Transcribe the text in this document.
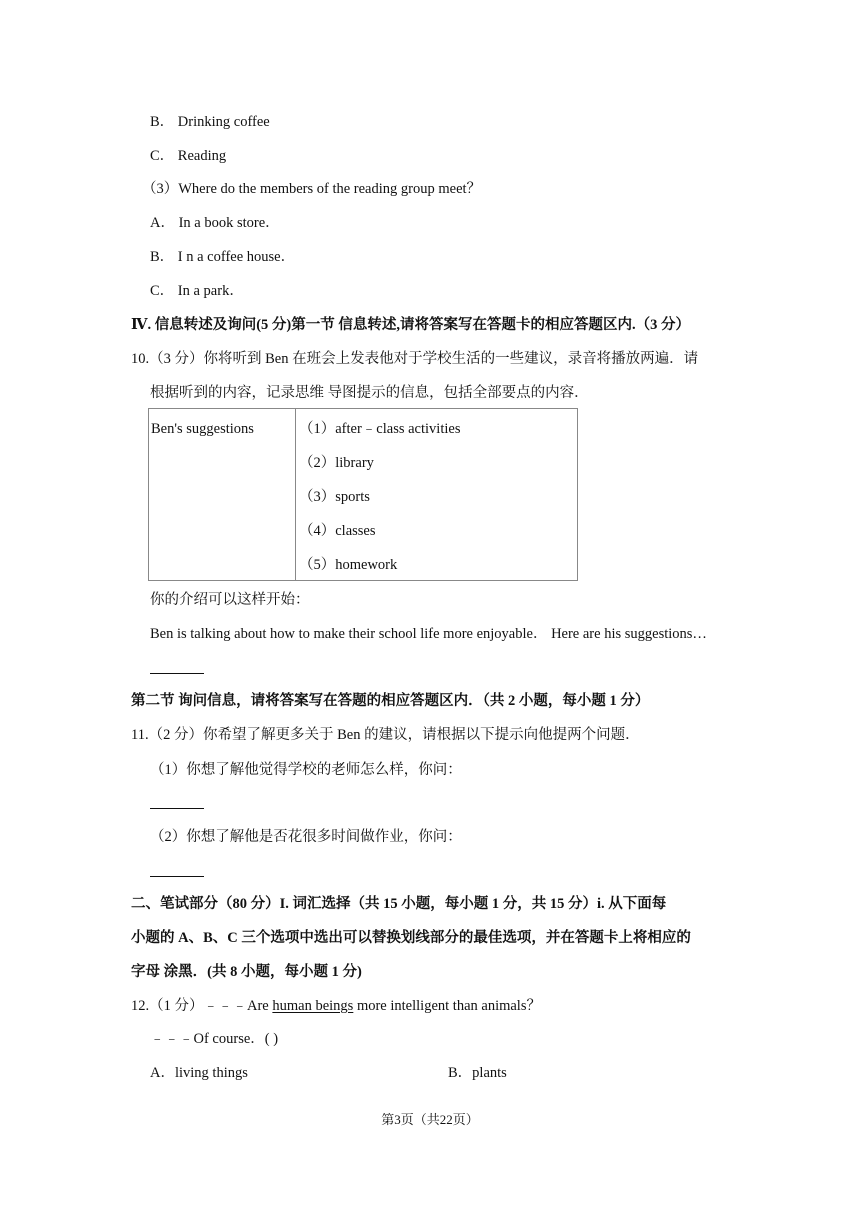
B． Drinking coffee
C． Reading
（3）Where do the members of the reading group meet？
A． In a book store．
B． I n a coffee house．
C． In a park．
Ⅳ. 信息转述及询问(5 分)第一节 信息转述,请将答案写在答题卡的相应答题区内.（3 分）
10.（3 分）你将听到 Ben 在班会上发表他对于学校生活的一些建议，录音将播放两遍．请
根据听到的内容，记录思维 导图提示的信息，包括全部要点的内容．
Ben's suggestions	（1）after﹣class activities
（2）library
（3）sports
（4）classes
（5）homework
你的介绍可以这样开始：
Ben is talking about how to make their school life more enjoyable． Here are his suggestions…
第二节 询问信息，请将答案写在答题的相应答题区内．（共 2 小题，每小题 1 分）
11.（2 分）你希望了解更多关于 Ben 的建议，请根据以下提示向他提两个问题．
（1）你想了解他觉得学校的老师怎么样，你问：
（2）你想了解他是否花很多时间做作业，你问：
二、笔试部分（80 分）I. 词汇选择（共 15 小题，每小题 1 分，共 15 分）i. 从下面每
小题的 A、B、C 三个选项中选出可以替换划线部分的最佳选项，并在答题卡上将相应的
字母 涂黑．(共 8 小题，每小题 1 分)
12.（1 分）﹣﹣﹣Are human beings more intelligent than animals？
﹣﹣﹣Of course．( )
A．living things	B．plants
第3页（共22页）
